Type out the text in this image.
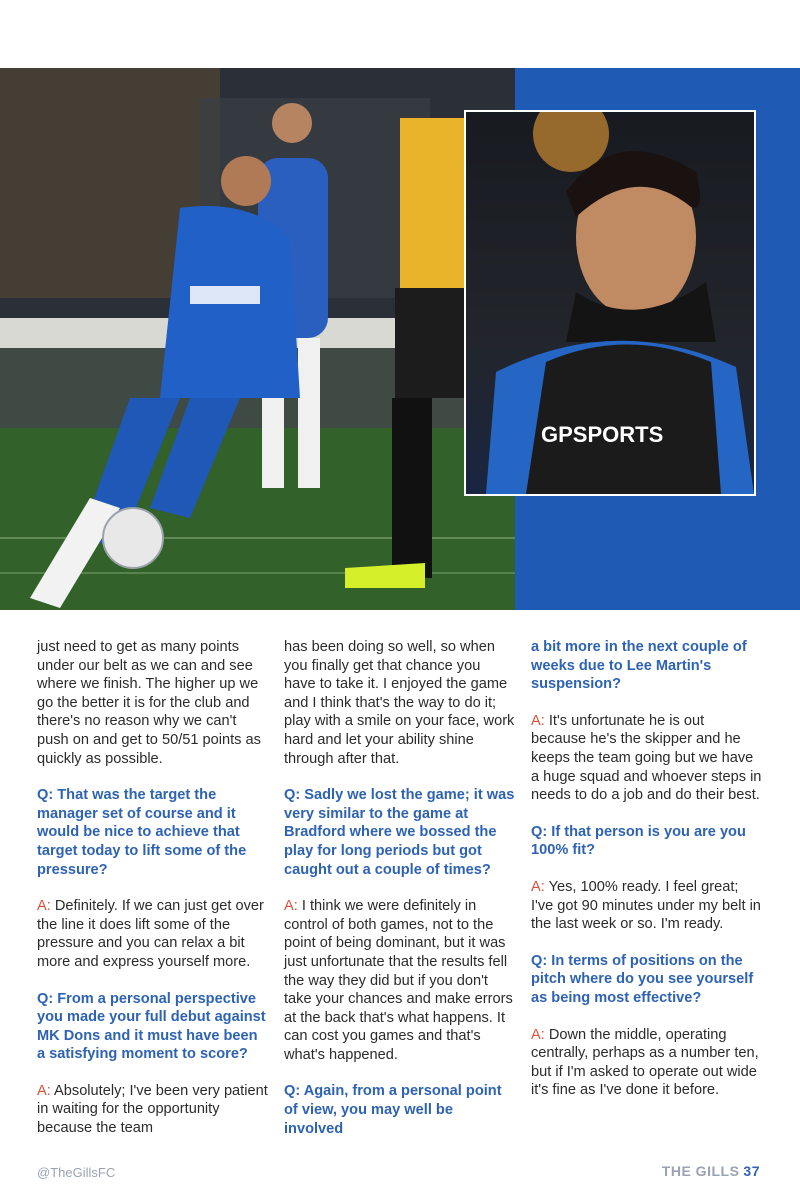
GPSPORTS

just need to get as many points under our belt as we can and see where we finish. The higher up we go the better it is for the club and there's no reason why we can't push on and get to 50/51 points as quickly as possible.

Q: That was the target the manager set of course and it would be nice to achieve that target today to lift some of the pressure?

A: Definitely. If we can just get over the line it does lift some of the pressure and you can relax a bit more and express yourself more.

Q: From a personal perspective you made your full debut against MK Dons and it must have been a satisfying moment to score?

A: Absolutely; I've been very patient in waiting for the opportunity because the team

has been doing so well, so when you finally get that chance you have to take it. I enjoyed the game and I think that's the way to do it; play with a smile on your face, work hard and let your ability shine through after that.

Q: Sadly we lost the game; it was very similar to the game at Bradford where we bossed the play for long periods but got caught out a couple of times?

A: I think we were definitely in control of both games, not to the point of being dominant, but it was just unfortunate that the results fell the way they did but if you don't take your chances and make errors at the back that's what happens. It can cost you games and that's what's happened.

Q: Again, from a personal point of view, you may well be involved

a bit more in the next couple of weeks due to Lee Martin's suspension?

A: It's unfortunate he is out because he's the skipper and he keeps the team going but we have a huge squad and whoever steps in needs to do a job and do their best.

Q: If that person is you are you 100% fit?

A: Yes, 100% ready. I feel great; I've got 90 minutes under my belt in the last week or so. I'm ready.

Q: In terms of positions on the pitch where do you see yourself as being most effective?

A: Down the middle, operating centrally, perhaps as a number ten, but if I'm asked to operate out wide it's fine as I've done it before.

@TheGillsFC	THE GILLS 37
